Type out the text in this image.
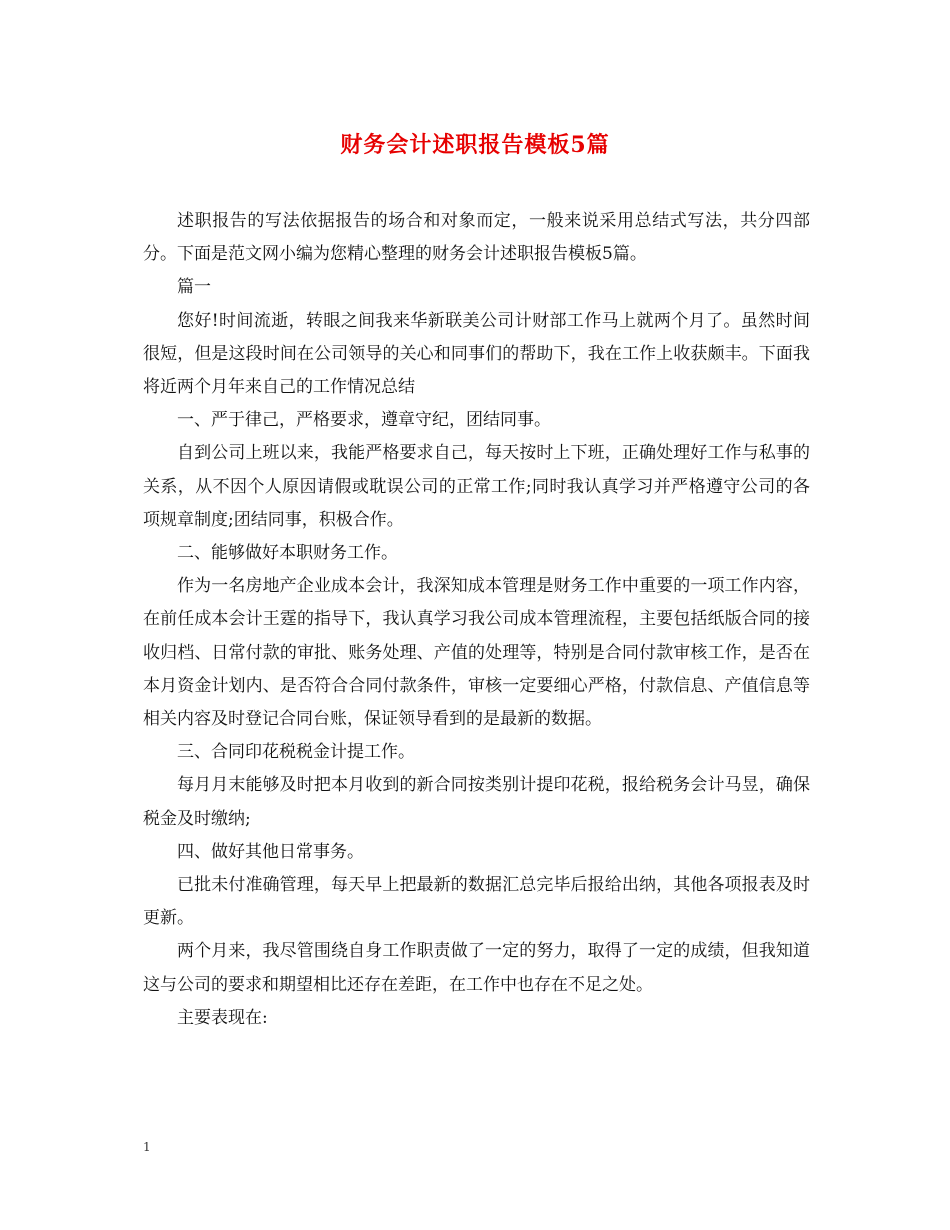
财务会计述职报告模板5篇

述职报告的写法依据报告的场合和对象而定，一般来说采用总结式写法，共分四部分。下面是范文网小编为您精心整理的财务会计述职报告模板5篇。

篇一

您好!时间流逝，转眼之间我来华新联美公司计财部工作马上就两个月了。虽然时间很短，但是这段时间在公司领导的关心和同事们的帮助下，我在工作上收获颇丰。下面我将近两个月年来自己的工作情况总结

一、严于律己，严格要求，遵章守纪，团结同事。

自到公司上班以来，我能严格要求自己，每天按时上下班，正确处理好工作与私事的关系，从不因个人原因请假或耽误公司的正常工作;同时我认真学习并严格遵守公司的各项规章制度;团结同事，积极合作。

二、能够做好本职财务工作。

作为一名房地产企业成本会计，我深知成本管理是财务工作中重要的一项工作内容，在前任成本会计王霆的指导下，我认真学习我公司成本管理流程，主要包括纸版合同的接收归档、日常付款的审批、账务处理、产值的处理等，特别是合同付款审核工作，是否在本月资金计划内、是否符合合同付款条件，审核一定要细心严格，付款信息、产值信息等相关内容及时登记合同台账，保证领导看到的是最新的数据。

三、合同印花税税金计提工作。

每月月末能够及时把本月收到的新合同按类别计提印花税，报给税务会计马昱，确保税金及时缴纳;

四、做好其他日常事务。

已批未付准确管理，每天早上把最新的数据汇总完毕后报给出纳，其他各项报表及时更新。

两个月来，我尽管围绕自身工作职责做了一定的努力，取得了一定的成绩，但我知道这与公司的要求和期望相比还存在差距，在工作中也存在不足之处。

主要表现在:

1
